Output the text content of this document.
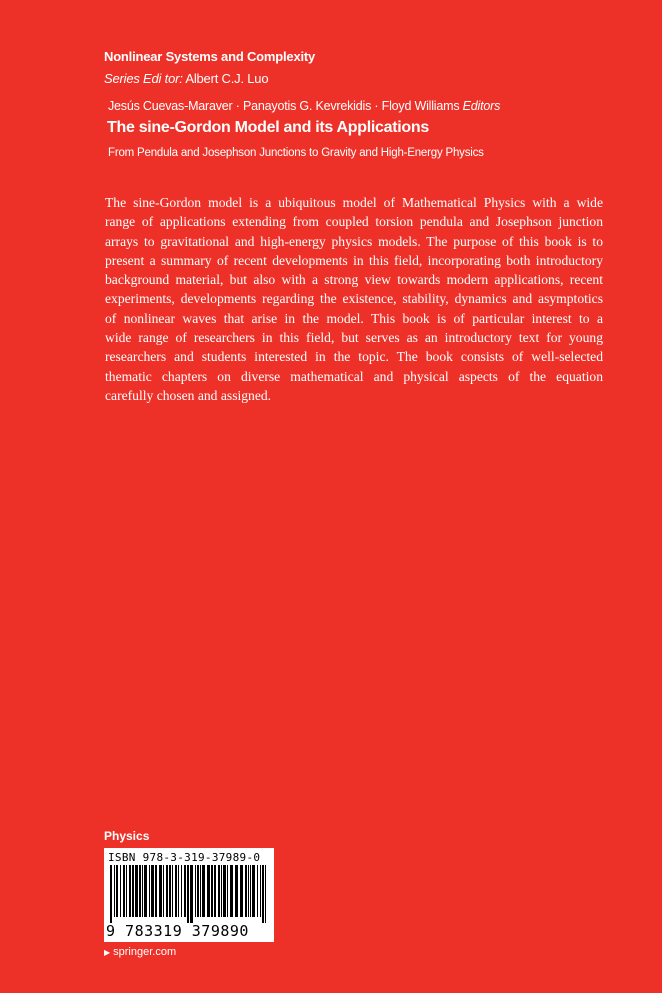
Nonlinear Systems and Complexity
Series Edi tor: Albert C.J. Luo
Jesús Cuevas-Maraver · Panayotis G. Kevrekidis · Floyd Williams Editors
The sine-Gordon Model and its Applications
From Pendula and Josephson Junctions to Gravity and High-Energy Physics

The sine-Gordon model is a ubiquitous model of Mathematical Physics with a wide
range of applications extending from coupled torsion pendula and Josephson junction
arrays to gravitational and high-energy physics models. The purpose of this book is to
present a summary of recent developments in this field, incorporating both introductory
background material, but also with a strong view towards modern applications, recent
experiments, developments regarding the existence, stability, dynamics and asymptotics
of nonlinear waves that arise in the model. This book is of particular interest to a
wide range of researchers in this field, but serves as an introductory text for young
researchers and students interested in the topic. The book consists of well-selected
thematic chapters on diverse mathematical and physical aspects of the equation
carefully chosen and assigned.

Physics
ISBN 978-3-319-37989-0
9 783319 379890
▶ springer.com
